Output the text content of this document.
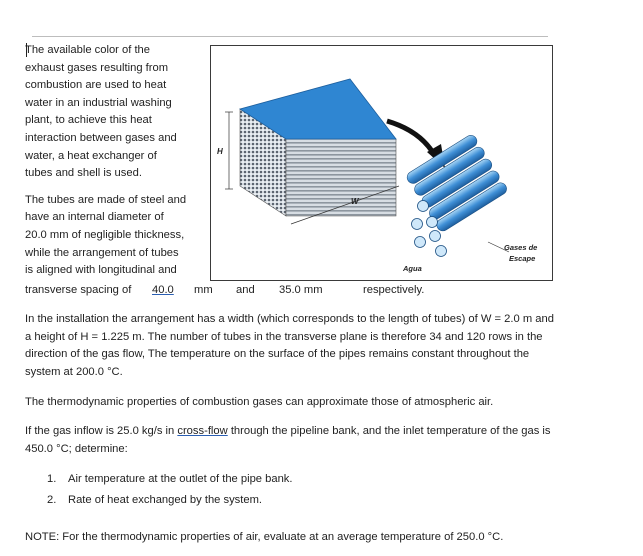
The available color of the
exhaust gases resulting from
combustion are used to heat
water in an industrial washing
plant, to achieve this heat
interaction between gases and
water, a heat exchanger of
tubes and shell is used.
The tubes are made of steel and
have an internal diameter of
20.0 mm of negligible thickness,
while the arrangement of tubes
is aligned with longitudinal and
H
W
Gases de
Escape
Agua
transverse spacing of 40.0 mm and 35.0 mm	respectively.
In the installation the arrangement has a width (which corresponds to the length of tubes) of W = 2.0 m and a height of H = 1.225 m. The number of tubes in the transverse plane is therefore 34 and 120 rows in the direction of the gas flow, The temperature on the surface of the pipes remains constant throughout the system at 200.0 °C.
The thermodynamic properties of combustion gases can approximate those of atmospheric air.
If the gas inflow is 25.0 kg/s in cross-flow through the pipeline bank, and the inlet temperature of the gas is 450.0 °C; determine:
1. Air temperature at the outlet of the pipe bank.
2. Rate of heat exchanged by the system.
NOTE: For the thermodynamic properties of air, evaluate at an average temperature of 250.0 °C.
